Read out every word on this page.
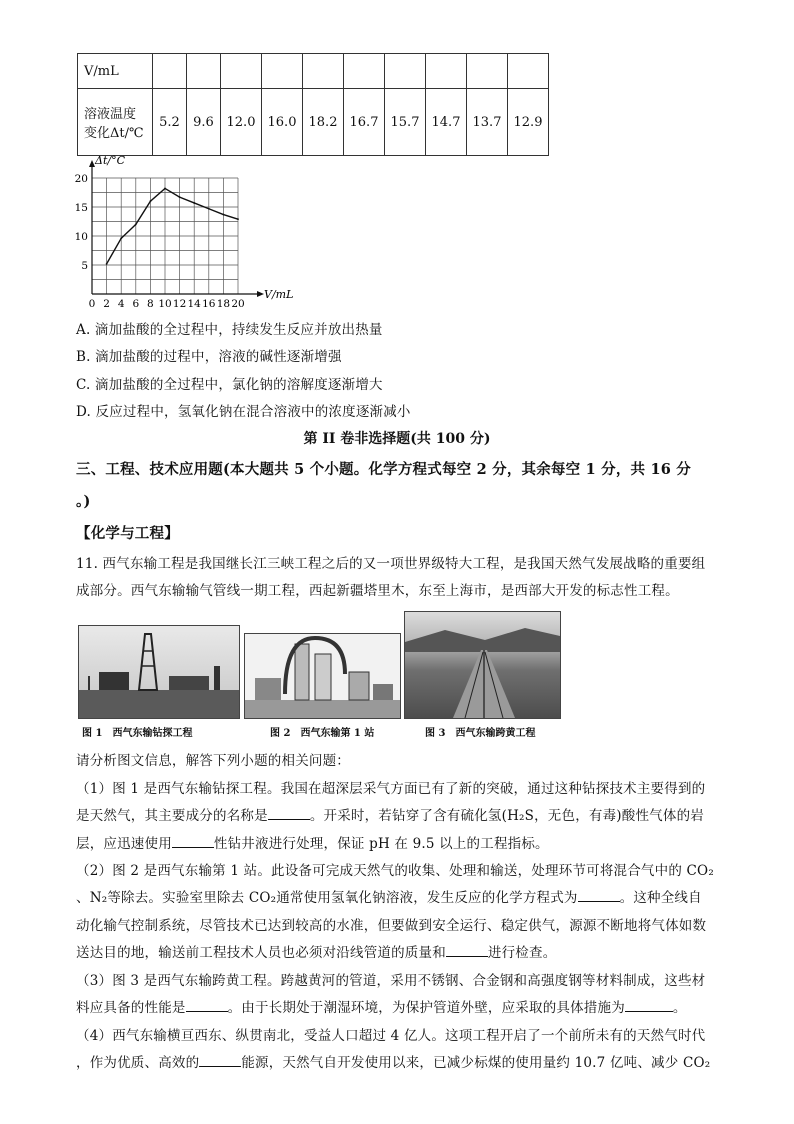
V/mL										

溶液温度
变化Δt/℃	5.2	9.6	12.0	16.0	18.2	16.7	15.7	14.7	13.7	12.9
0 2 4 6 8 10 12 14 16 18 20
5
10
15
20
Δt/°C
V/mL
A. 滴加盐酸的全过程中，持续发生反应并放出热量
B. 滴加盐酸的过程中，溶液的碱性逐渐增强
C. 滴加盐酸的全过程中，氯化钠的溶解度逐渐增大
D. 反应过程中，氢氧化钠在混合溶液中的浓度逐渐减小
第 II 卷非选择题(共 100 分)
三、工程、技术应用题(本大题共 5 个小题。化学方程式每空 2 分，其余每空 1 分，共 16 分
。)
【化学与工程】
11. 西气东输工程是我国继长江三峡工程之后的又一项世界级特大工程，是我国天然气发展战略的重要组
成部分。西气东输输气管线一期工程，西起新疆塔里木，东至上海市，是西部大开发的标志性工程。
图 1　西气东输钻探工程	图 2　西气东输第 1 站	图 3　西气东输跨黄工程
请分析图文信息，解答下列小题的相关问题：
（1）图 1 是西气东输钻探工程。我国在超深层采气方面已有了新的突破，通过这种钻探技术主要得到的
是天然气，其主要成分的名称是	。开采时，若钻穿了含有硫化氢(H₂S，无色，有毒)酸性气体的岩
层，应迅速使用	性钻井液进行处理，保证 pH 在 9.5 以上的工程指标。
（2）图 2 是西气东输第 1 站。此设备可完成天然气的收集、处理和输送，处理环节可将混合气中的 CO₂
、N₂等除去。实验室里除去 CO₂通常使用氢氧化钠溶液，发生反应的化学方程式为	。这种全线自
动化输气控制系统，尽管技术已达到较高的水准，但要做到安全运行、稳定供气，源源不断地将气体如数
送达目的地，输送前工程技术人员也必须对沿线管道的质量和	进行检查。
（3）图 3 是西气东输跨黄工程。跨越黄河的管道，采用不锈钢、合金钢和高强度钢等材料制成，这些材
料应具备的性能是	。由于长期处于潮湿环境，为保护管道外壁，应采取的具体措施为	。
（4）西气东输横亘西东、纵贯南北，受益人口超过 4 亿人。这项工程开启了一个前所未有的天然气时代
，作为优质、高效的	能源，天然气自开发使用以来，已减少标煤的使用量约 10.7 亿吨、减少 CO₂
